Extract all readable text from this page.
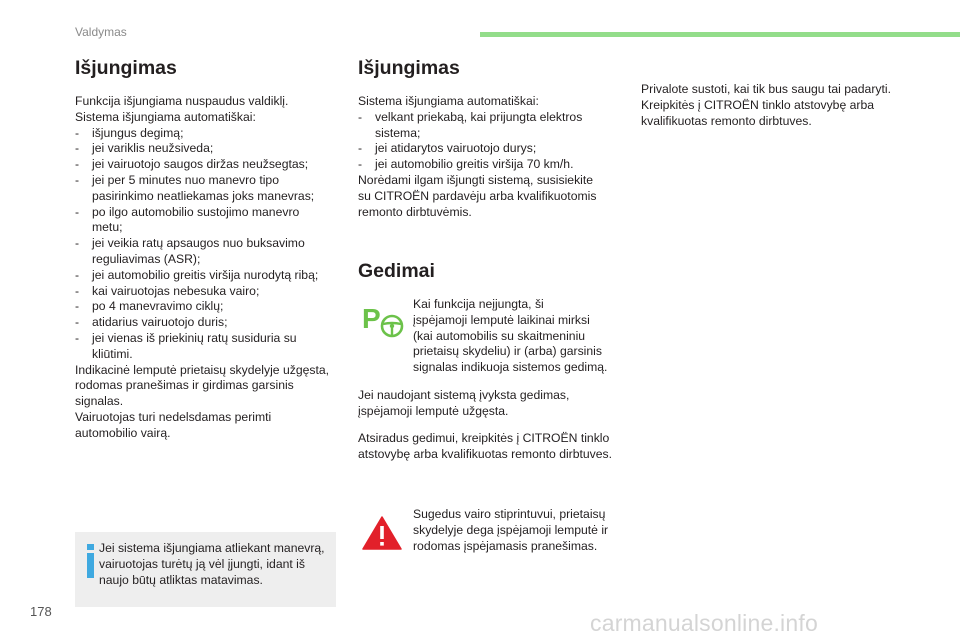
Valdymas
Išjungimas

Funkcija išjungiama nuspaudus valdiklį.

Sistema išjungiama automatiškai:

- išjungus degimą;
- jei variklis neužsiveda;
- jei vairuotojo saugos diržas neužsegtas;
- jei per 5 minutes nuo manevro tipo
pasirinkimo neatliekamas joks manevras;
- po ilgo automobilio sustojimo manevro
metu;
- jei veikia ratų apsaugos nuo buksavimo
reguliavimas (ASR);
- jei automobilio greitis viršija nurodytą ribą;
- kai vairuotojas nebesuka vairo;
- po 4 manevravimo ciklų;
- atidarius vairuotojo duris;
- jei vienas iš priekinių ratų susiduria su
kliūtimi.

Indikacinė lemputė prietaisų skydelyje užgęsta,

rodomas pranešimas ir girdimas garsinis

signalas.

Vairuotojas turi nedelsdamas perimti

automobilio vairą.

Jei sistema išjungiama atliekant manevrą,

vairuotojas turėtų ją vėl įjungti, idant iš

naujo būtų atliktas matavimas.

Išjungimas

Sistema išjungiama automatiškai:

- velkant priekabą, kai prijungta elektros
sistema;
- jei atidarytos vairuotojo durys;
- jei automobilio greitis viršija 70 km/h.

Norėdami ilgam išjungti sistemą, susisiekite

su CITROËN pardavėju arba kvalifikuotomis

remonto dirbtuvėmis.

Gedimai
P	Kai funkcija neįjungta, ši

įspėjamoji lemputė laikinai mirksi

(kai automobilis su skaitmeniniu

prietaisų skydeliu) ir (arba) garsinis

signalas indikuoja sistemos gedimą.

Jei naudojant sistemą įvyksta gedimas,

įspėjamoji lemputė užgęsta.

Atsiradus gedimui, kreipkitės į CITROËN tinklo

atstovybę arba kvalifikuotas remonto dirbtuves.

Sugedus vairo stiprintuvui, prietaisų

skydelyje dega įspėjamoji lemputė ir

rodomas įspėjamasis pranešimas.

Privalote sustoti, kai tik bus saugu tai padaryti.

Kreipkitės į CITROËN tinklo atstovybę arba

kvalifikuotas remonto dirbtuves.

178	carmanualsonline.info
